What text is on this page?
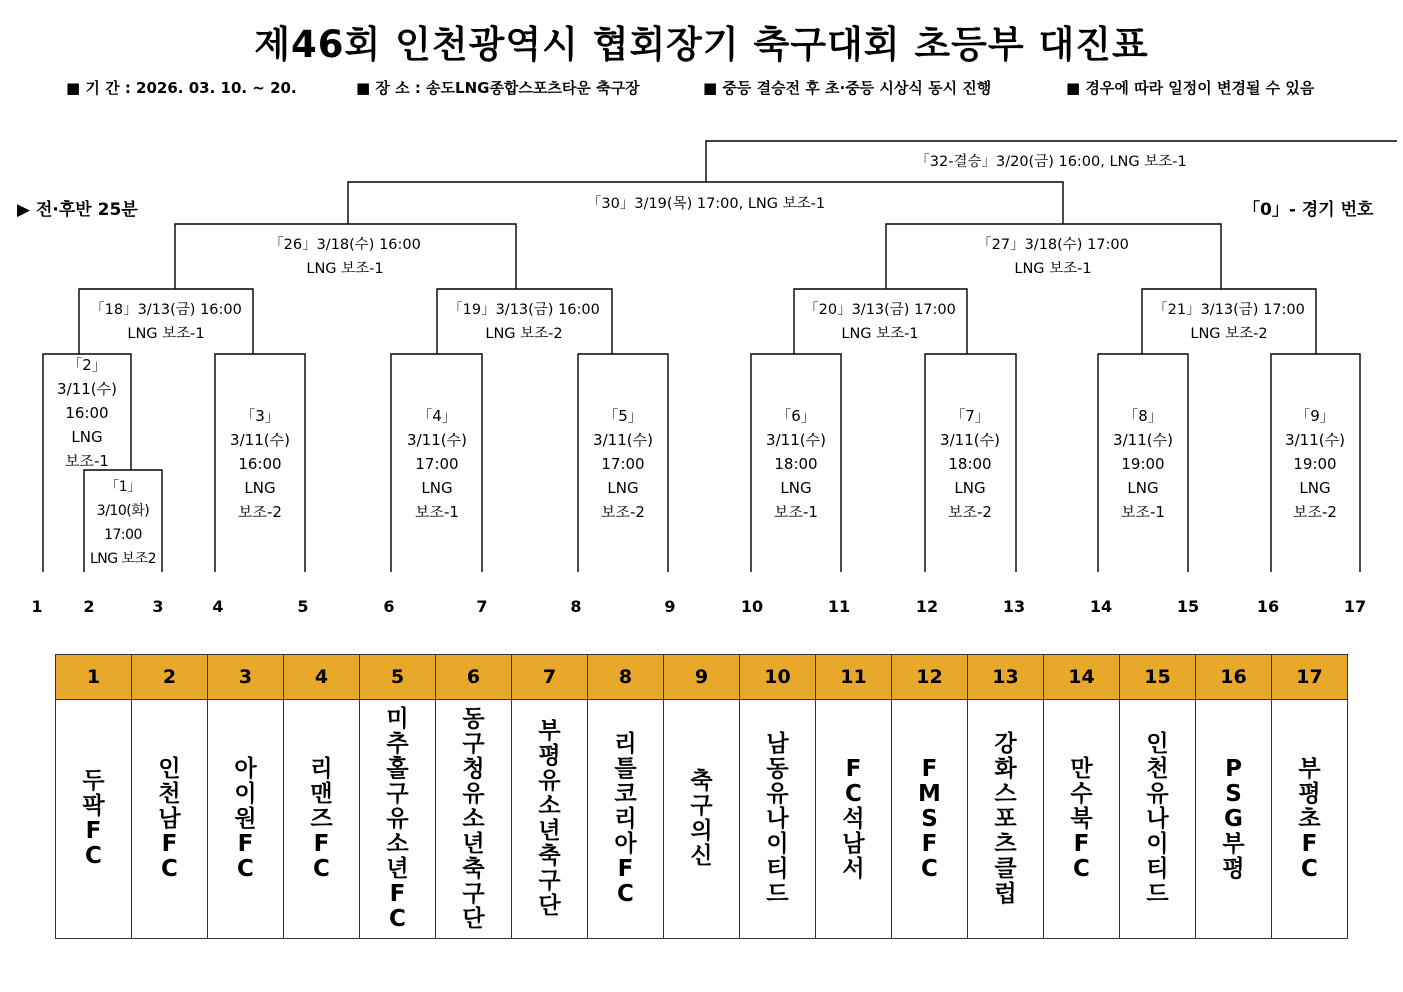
제46회 인천광역시 협회장기 축구대회 초등부 대진표
■ 기 간 : 2026. 03. 10. ~ 20.	■ 장 소 : 송도LNG종합스포츠타운 축구장	■ 중등 결승전 후 초·중등 시상식 동시 진행	■ 경우에 따라 일정이 변경될 수 있음
▶ 전·후반 25분	「0」- 경기 번호
「32-결승」3/20(금) 16:00, LNG 보조-1
「30」3/19(목) 17:00, LNG 보조-1
「26」3/18(수) 16:00
LNG 보조-1
「27」3/18(수) 17:00
LNG 보조-1
「18」3/13(금) 16:00
LNG 보조-1
「19」3/13(금) 16:00
LNG 보조-2
「20」3/13(금) 17:00
LNG 보조-1
「21」3/13(금) 17:00
LNG 보조-2
「2」
3/11(수)
16:00
LNG
보조-1
「1」
3/10(화)
17:00
LNG 보조2
「3」
3/11(수)
16:00
LNG
보조-2
「4」
3/11(수)
17:00
LNG
보조-1
「5」
3/11(수)
17:00
LNG
보조-2
「6」
3/11(수)
18:00
LNG
보조-1
「7」
3/11(수)
18:00
LNG
보조-2
「8」
3/11(수)
19:00
LNG
보조-1
「9」
3/11(수)
19:00
LNG
보조-2
1	2	3	4	5	6	7	8	9	10	11	12	13	14	15	16	17
1	2	3	4	5	6	7	8	9	10	11	12	13	14	15	16	17
두팍FC	인천남FC	아이원FC	리맨즈FC	미추홀구유소년FC	동구청유소년축구단	부평유소년축구단	리틀코리아FC	축구의신	남동유나이티드	FC석남서	FMSFC	강화스포츠클럽	만수북FC	인천유나이티드	PSG부평	부평초FC
